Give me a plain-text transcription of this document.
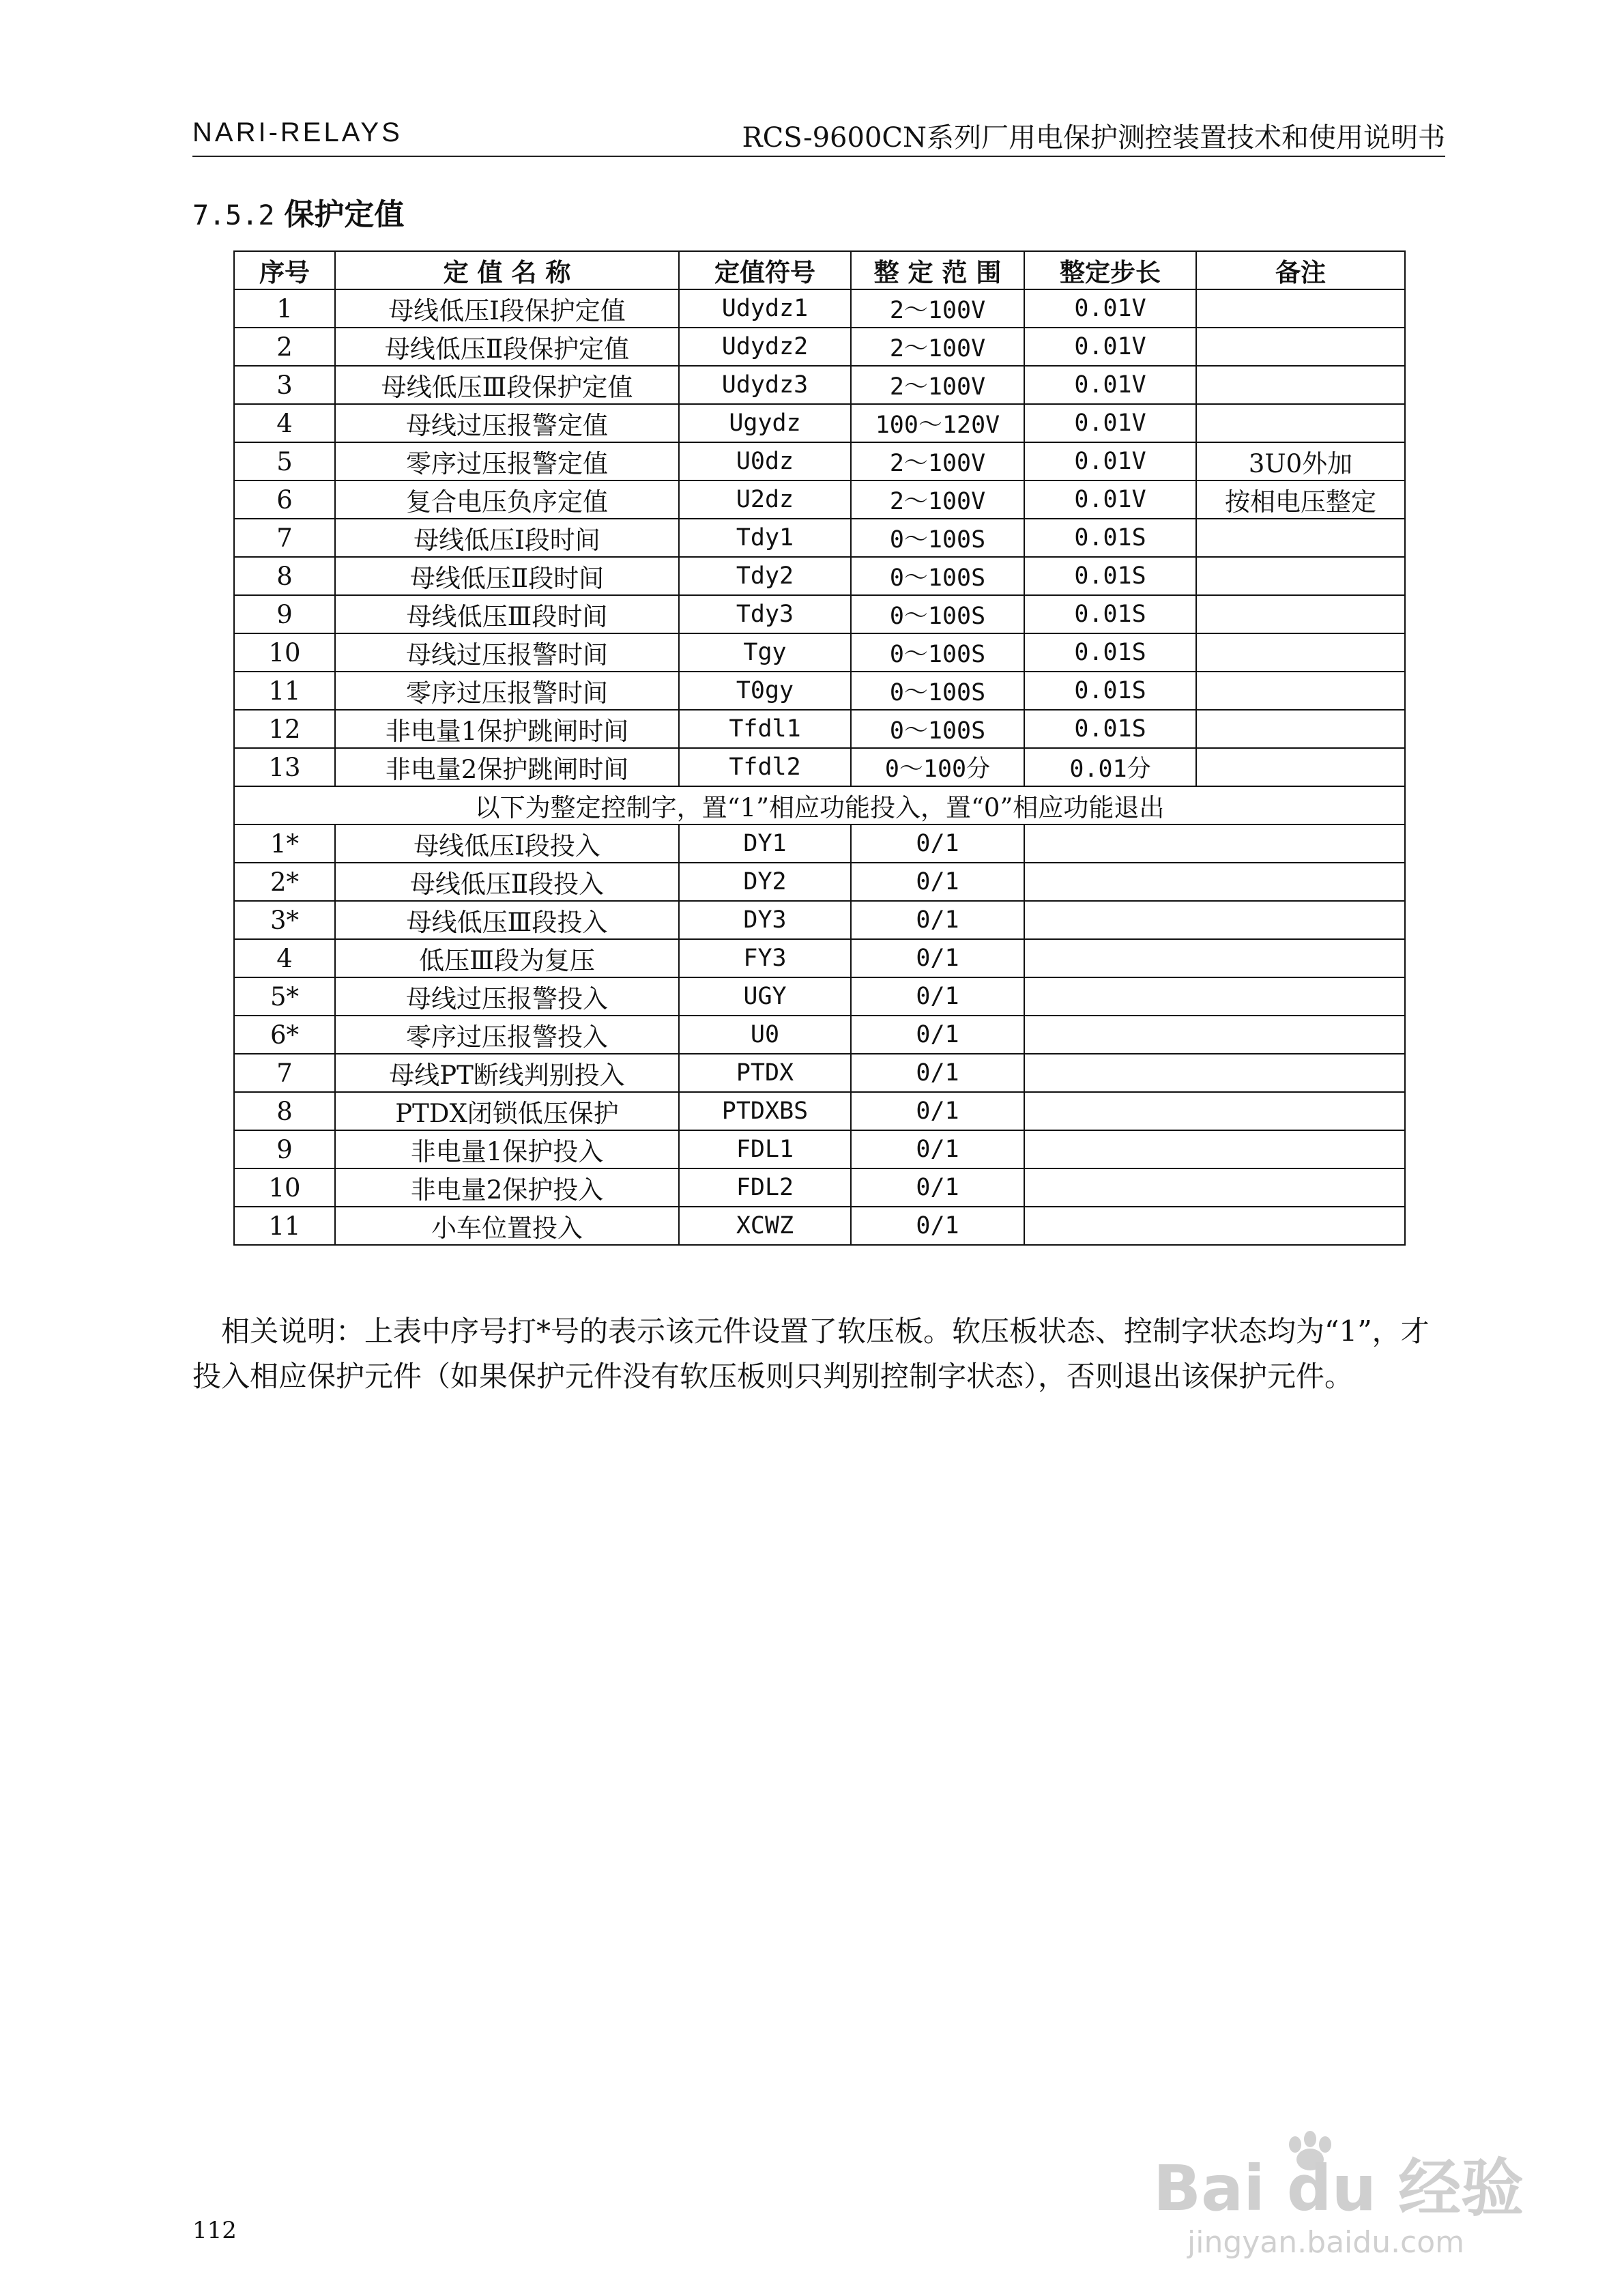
NARI-RELAYS	RCS-9600CN系列厂用电保护测控装置技术和使用说明书
7.5.2 保护定值
序号	定 值 名 称	定值符号	整 定 范 围	整定步长	备注
1	母线低压Ⅰ段保护定值	Udydz1	2～100V	0.01V	
2	母线低压Ⅱ段保护定值	Udydz2	2～100V	0.01V	
3	母线低压Ⅲ段保护定值	Udydz3	2～100V	0.01V	
4	母线过压报警定值	Ugydz	100～120V	0.01V	
5	零序过压报警定值	U0dz	2～100V	0.01V	3U0外加
6	复合电压负序定值	U2dz	2～100V	0.01V	按相电压整定
7	母线低压Ⅰ段时间	Tdy1	0～100S	0.01S	
8	母线低压Ⅱ段时间	Tdy2	0～100S	0.01S	
9	母线低压Ⅲ段时间	Tdy3	0～100S	0.01S	
10	母线过压报警时间	Tgy	0～100S	0.01S	
11	零序过压报警时间	T0gy	0～100S	0.01S	
12	非电量1保护跳闸时间	Tfdl1	0～100S	0.01S	
13	非电量2保护跳闸时间	Tfdl2	0～100分	0.01分	
以下为整定控制字，置“1”相应功能投入，置“0”相应功能退出					
1*	母线低压Ⅰ段投入	DY1	0/1		
2*	母线低压Ⅱ段投入	DY2	0/1		
3*	母线低压Ⅲ段投入	DY3	0/1		
4	低压Ⅲ段为复压	FY3	0/1		
5*	母线过压报警投入	UGY	0/1		
6*	零序过压报警投入	U0	0/1		
7	母线PT断线判别投入	PTDX	0/1		
8	PTDX闭锁低压保护	PTDXBS	0/1		
9	非电量1保护投入	FDL1	0/1		
10	非电量2保护投入	FDL2	0/1		
11	小车位置投入	XCWZ	0/1		

相关说明：上表中序号打*号的表示该元件设置了软压板。软压板状态、控制字状态均为“1”，才投入相应保护元件（如果保护元件没有软压板则只判别控制字状态），否则退出该保护元件。

112
Bai du 经验
jingyan.baidu.com
